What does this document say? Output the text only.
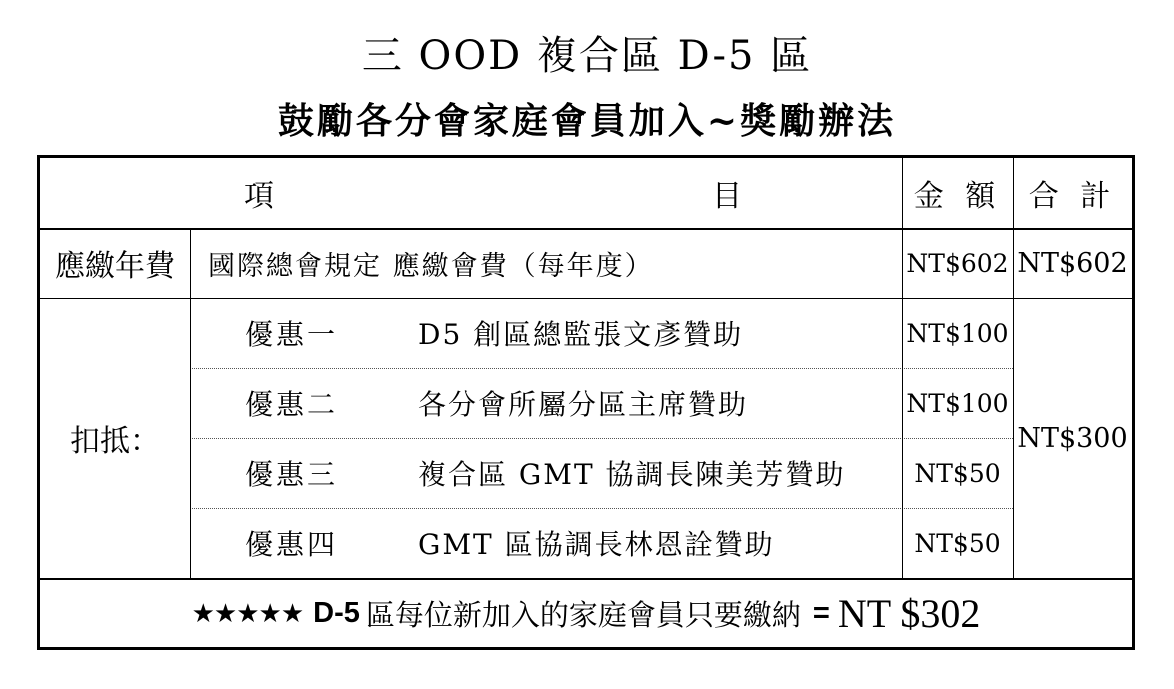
三 OOD 複合區 D-5 區
鼓勵各分會家庭會員加入~獎勵辦法
項	目	金 額 合 計
應繳年費	國際總會規定 應繳會費（每年度）	NT$602 NT$602
扣抵：	NT$300
優惠一	D5 創區總監張文彥贊助	NT$100
優惠二	各分會所屬分區主席贊助	NT$100
優惠三	複合區 GMT 協調長陳美芳贊助	NT$50
優惠四	GMT 區協調長林恩詮贊助	NT$50
★★★★★ D-5 區每位新加入的家庭會員只要繳納 = NT $302
